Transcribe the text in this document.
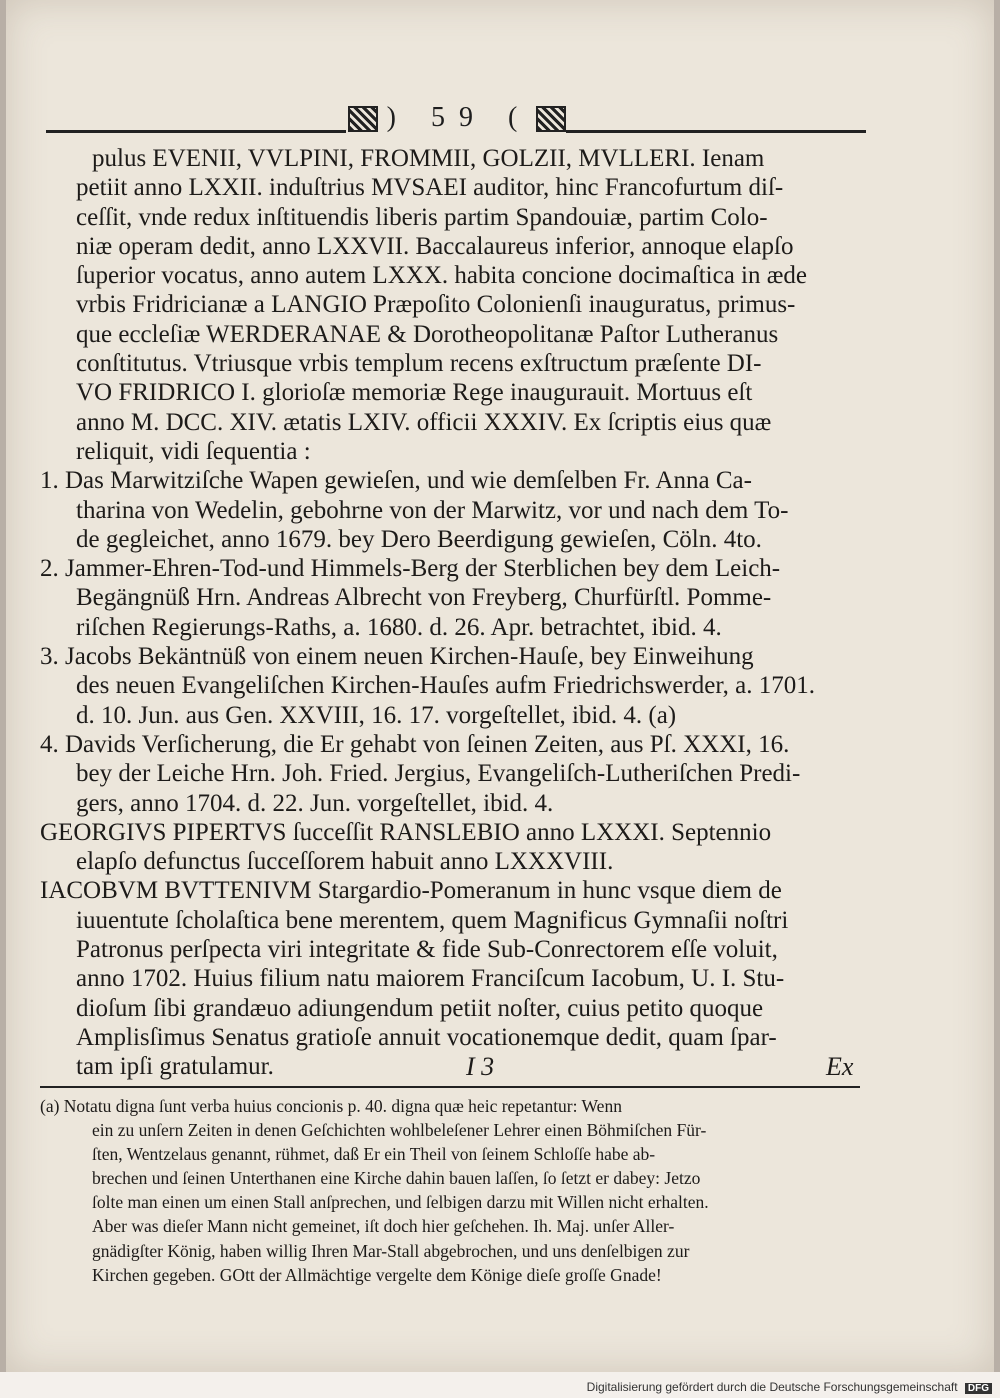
) 59 (
pulus EVENII, VVLPINI, FROMMII, GOLZII, MVLLERI. Ienam
petiit anno LXXII. induſtrius MVSAEI auditor, hinc Francofurtum diſ-
ceſſit, vnde redux inſtituendis liberis partim Spandouiæ, partim Colo-
niæ operam dedit, anno LXXVII. Baccalaureus inferior, annoque elapſo
ſuperior vocatus, anno autem LXXX. habita concione docimaſtica in æde
vrbis Fridricianæ a LANGIO Præpoſito Colonienſi inauguratus, primus-
que eccleſiæ WERDERANAE & Dorotheopolitanæ Paſtor Lutheranus
conſtitutus. Vtriusque vrbis templum recens exſtructum præſente DI-
VO FRIDRICO I. glorioſæ memoriæ Rege inaugurauit. Mortuus eſt
anno M. DCC. XIV. ætatis LXIV. officii XXXIV. Ex ſcriptis eius quæ
reliquit, vidi ſequentia :
1. Das Marwitziſche Wapen gewieſen, und wie demſelben Fr. Anna Ca-
tharina von Wedelin, gebohrne von der Marwitz, vor und nach dem To-
de gegleichet, anno 1679. bey Dero Beerdigung gewieſen, Cöln. 4to.
2. Jammer-Ehren-Tod-und Himmels-Berg der Sterblichen bey dem Leich-
Begängnüß Hrn. Andreas Albrecht von Freyberg, Churfürſtl. Pomme-
riſchen Regierungs-Raths, a. 1680. d. 26. Apr. betrachtet, ibid. 4.
3. Jacobs Bekäntnüß von einem neuen Kirchen-Hauſe, bey Einweihung
des neuen Evangeliſchen Kirchen-Hauſes aufm Friedrichswerder, a. 1701.
d. 10. Jun. aus Gen. XXVIII, 16. 17. vorgeſtellet, ibid. 4. (a)
4. Davids Verſicherung, die Er gehabt von ſeinen Zeiten, aus Pſ. XXXI, 16.
bey der Leiche Hrn. Joh. Fried. Jergius, Evangeliſch-Lutheriſchen Predi-
gers, anno 1704. d. 22. Jun. vorgeſtellet, ibid. 4.
GEORGIVS PIPERTVS ſucceſſit RANSLEBIO anno LXXXI. Septennio
elapſo defunctus ſucceſſorem habuit anno LXXXVIII.
IACOBVM BVTTENIVM Stargardio-Pomeranum in hunc vsque diem de
iuuentute ſcholaſtica bene merentem, quem Magnificus Gymnaſii noſtri
Patronus perſpecta viri integritate & fide Sub-Conrectorem eſſe voluit,
anno 1702. Huius filium natu maiorem Franciſcum Iacobum, U. I. Stu-
dioſum ſibi grandæuo adiungendum petiit noſter, cuius petito quoque
Amplisſimus Senatus gratioſe annuit vocationemque dedit, quam ſpar-
tam ipſi gratulamur.	I 3	Ex
(a) Notatu digna ſunt verba huius concionis p. 40. digna quæ heic repetantur: Wenn
ein zu unſern Zeiten in denen Geſchichten wohlbeleſener Lehrer einen Böhmiſchen Für-
ſten, Wentzelaus genannt, rühmet, daß Er ein Theil von ſeinem Schloſſe habe ab-
brechen und ſeinen Unterthanen eine Kirche dahin bauen laſſen, ſo ſetzt er dabey: Jetzo
ſolte man einen um einen Stall anſprechen, und ſelbigen darzu mit Willen nicht erhalten.
Aber was dieſer Mann nicht gemeinet, iſt doch hier geſchehen. Ih. Maj. unſer Aller-
gnädigſter König, haben willig Ihren Mar-Stall abgebrochen, und uns denſelbigen zur
Kirchen gegeben. GOtt der Allmächtige vergelte dem Könige dieſe groſſe Gnade!
Digitalisierung gefördert durch die Deutsche Forschungsgemeinschaft DFG
